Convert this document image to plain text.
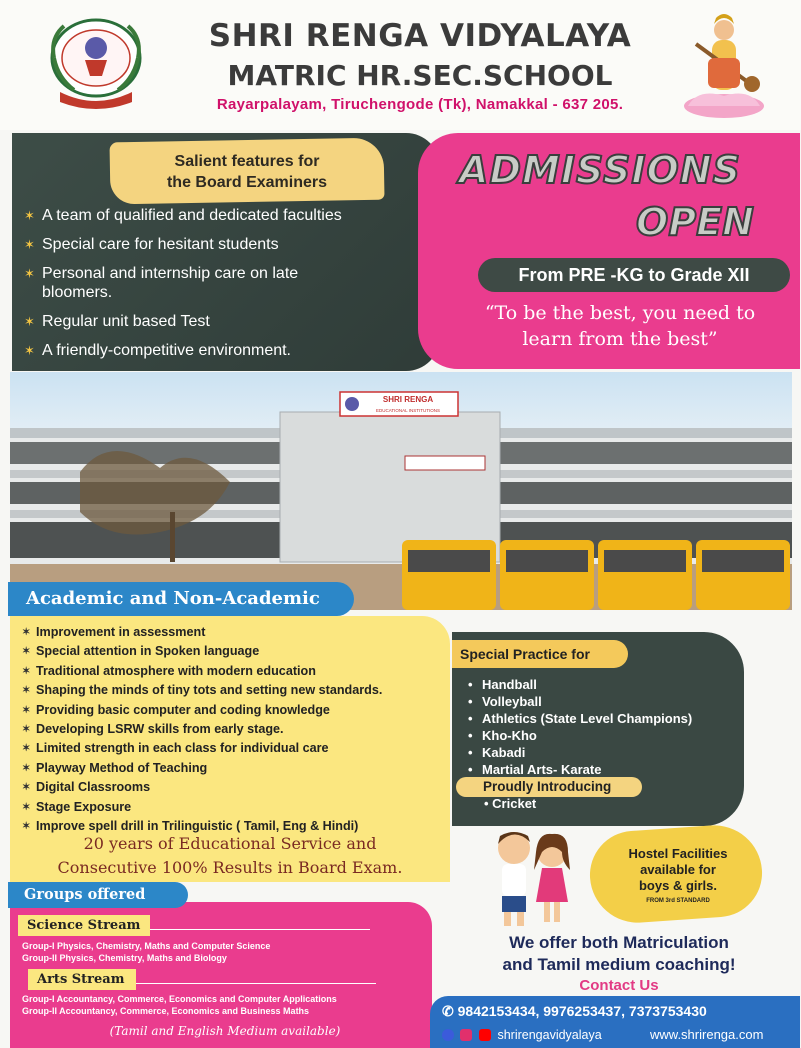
SHRI RENGA VIDYALAYA
MATRIC HR.SEC.SCHOOL
Rayarpalayam, Tiruchengode (Tk), Namakkal - 637 205.
Salient features for
the Board Examiners
✶ A team of qualified and dedicated faculties
✶ Special care for hesitant students
✶ Personal and internship care on late bloomers.
✶ Regular unit based Test
✶ A friendly-competitive environment.
ADMISSIONS
OPEN
From PRE -KG to Grade XII
“To be the best, you need to learn from the best”
SHRI RENGA
EDUCATIONAL INSTITUTIONS
Academic and Non-Academic
✶ Improvement in assessment
✶ Special attention in Spoken language
✶ Traditional atmosphere with modern education
✶ Shaping the minds of tiny tots and setting new standards.
✶ Providing basic computer and coding knowledge
✶ Developing LSRW skills from early stage.
✶ Limited strength in each class for individual care
✶ Playway Method of Teaching
✶ Digital Classrooms
✶ Stage Exposure
✶ Improve spell drill in Trilinguistic ( Tamil, Eng & Hindi)
20 years of Educational Service and
Consecutive 100% Results in Board Exam.
Special Practice for
• Handball
• Volleyball
• Athletics (State Level Champions)
• Kho-Kho
• Kabadi
• Martial Arts- Karate
Proudly Introducing
• Cricket
Hostel Facilities
available for
boys & girls.
FROM 3rd STANDARD
Groups offered
Science Stream
Group-I Physics, Chemistry, Maths and Computer Science
Group-II Physics, Chemistry, Maths and Biology
Arts Stream
Group-I Accountancy, Commerce, Economics and Computer Applications
Group-II Accountancy, Commerce, Economics and Business Maths
(Tamil and English Medium available)
We offer both Matriculation
and Tamil medium coaching!
Contact Us
✆ 9842153434, 9976253437, 7373753430
shrirengavidyalaya	www.shrirenga.com
